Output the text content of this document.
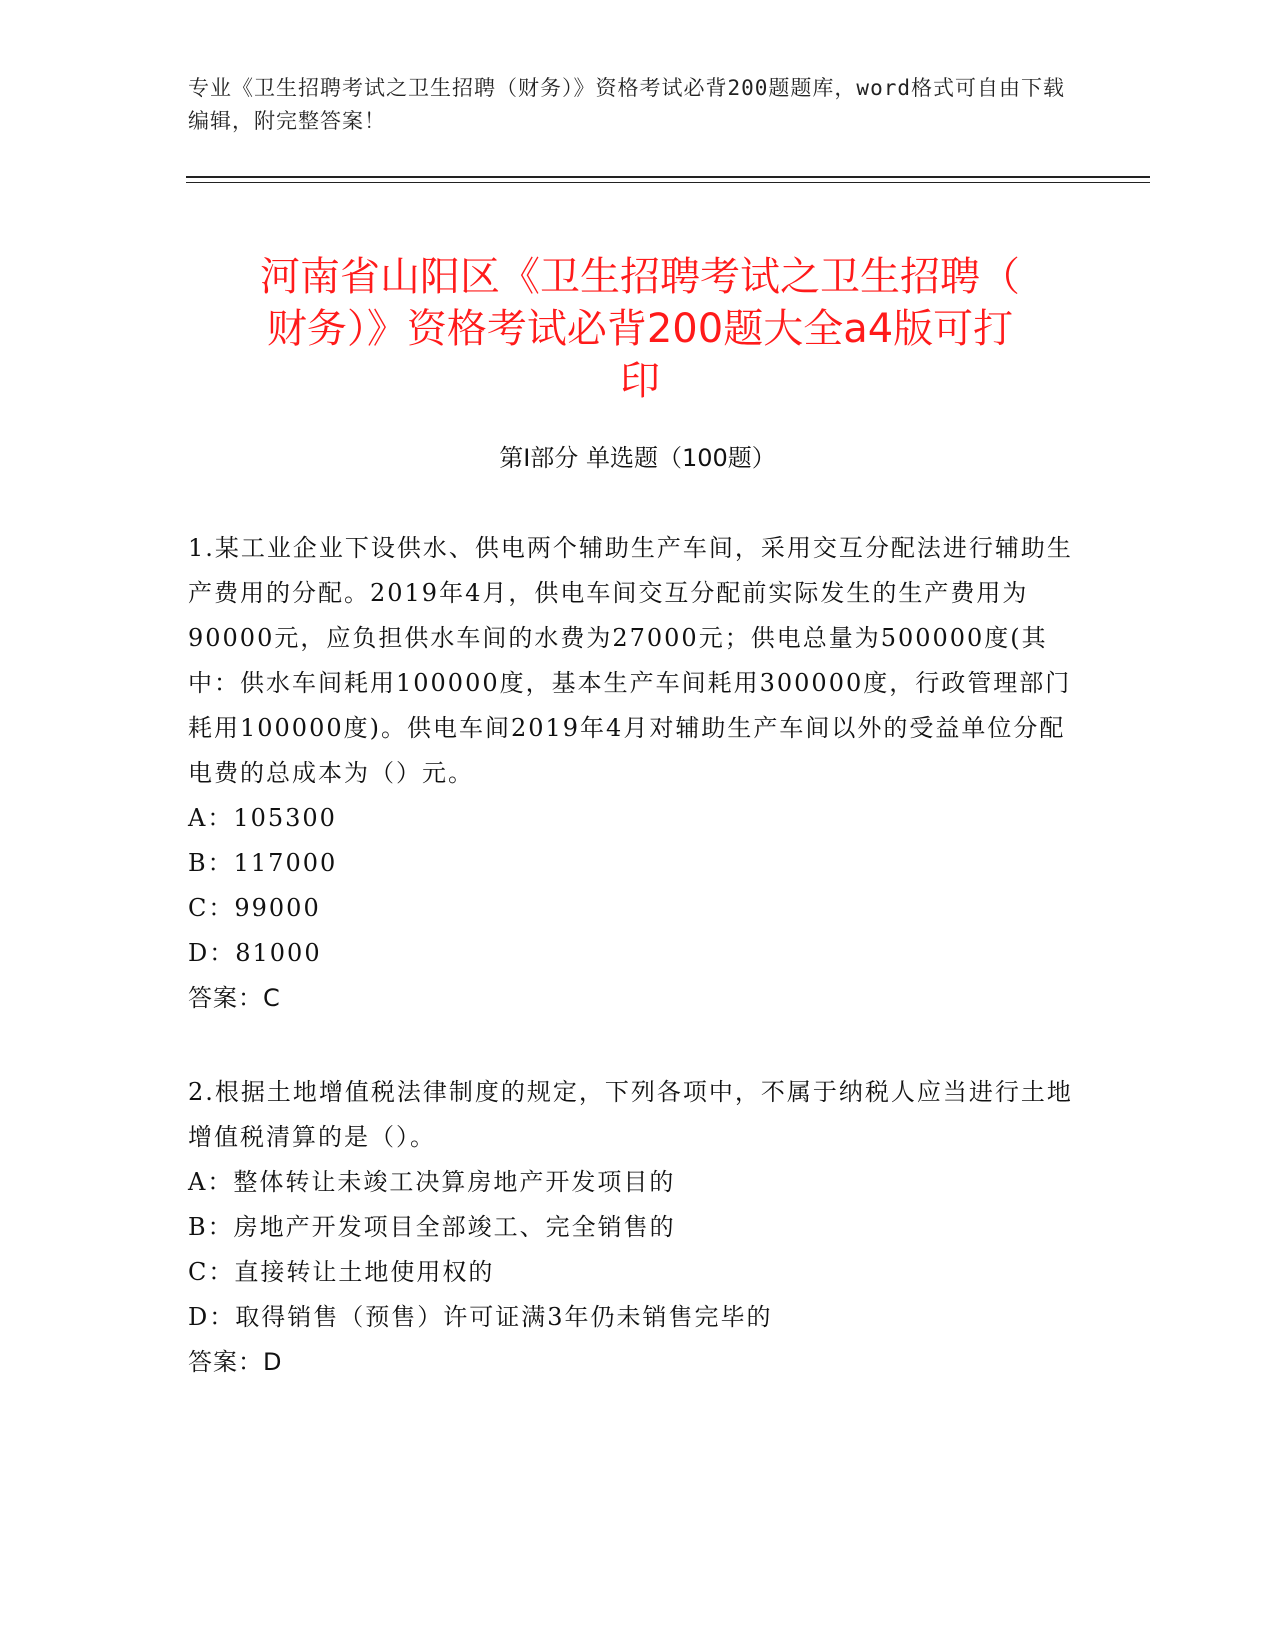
专业《卫生招聘考试之卫生招聘（财务）》资格考试必背200题题库，word格式可自由下载编辑，附完整答案！
河南省山阳区《卫生招聘考试之卫生招聘（
财务）》资格考试必背200题大全a4版可打
印
第Ⅰ部分 单选题（100题）

1.某工业企业下设供水、供电两个辅助生产车间，采用交互分配法进行辅助生产费用的分配。2019年4月，供电车间交互分配前实际发生的生产费用为90000元，应负担供水车间的水费为27000元；供电总量为500000度(其中：供水车间耗用100000度，基本生产车间耗用300000度，行政管理部门耗用100000度)。供电车间2019年4月对辅助生产车间以外的受益单位分配电费的总成本为（）元。

A：105300

B：117000

C：99000

D：81000

答案：C

2.根据土地增值税法律制度的规定，下列各项中，不属于纳税人应当进行土地增值税清算的是（）。

A：整体转让未竣工决算房地产开发项目的

B：房地产开发项目全部竣工、完全销售的

C：直接转让土地使用权的

D：取得销售（预售）许可证满3年仍未销售完毕的

答案：D
